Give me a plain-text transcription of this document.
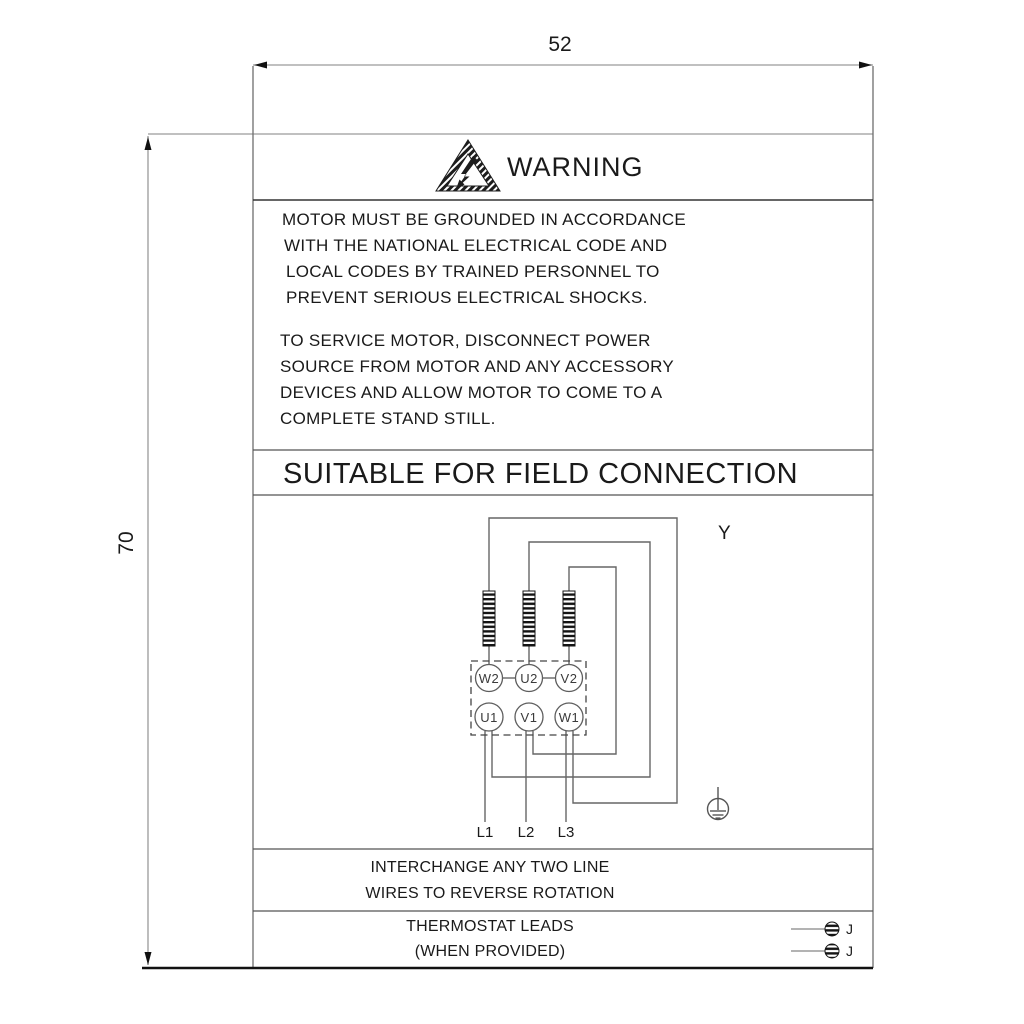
52
70
WARNING
MOTOR MUST BE GROUNDED IN ACCORDANCE
WITH THE NATIONAL ELECTRICAL CODE AND
LOCAL CODES BY TRAINED PERSONNEL TO
PREVENT SERIOUS ELECTRICAL SHOCKS.
TO SERVICE MOTOR, DISCONNECT POWER
SOURCE FROM MOTOR AND ANY ACCESSORY
DEVICES AND ALLOW MOTOR TO COME TO A
COMPLETE STAND STILL.
SUITABLE FOR FIELD CONNECTION
Y
W2	U2	V2
U1	V1	W1
L1	L2	L3
INTERCHANGE ANY TWO LINE
WIRES TO REVERSE ROTATION
THERMOSTAT LEADS
(WHEN PROVIDED)
J
J
